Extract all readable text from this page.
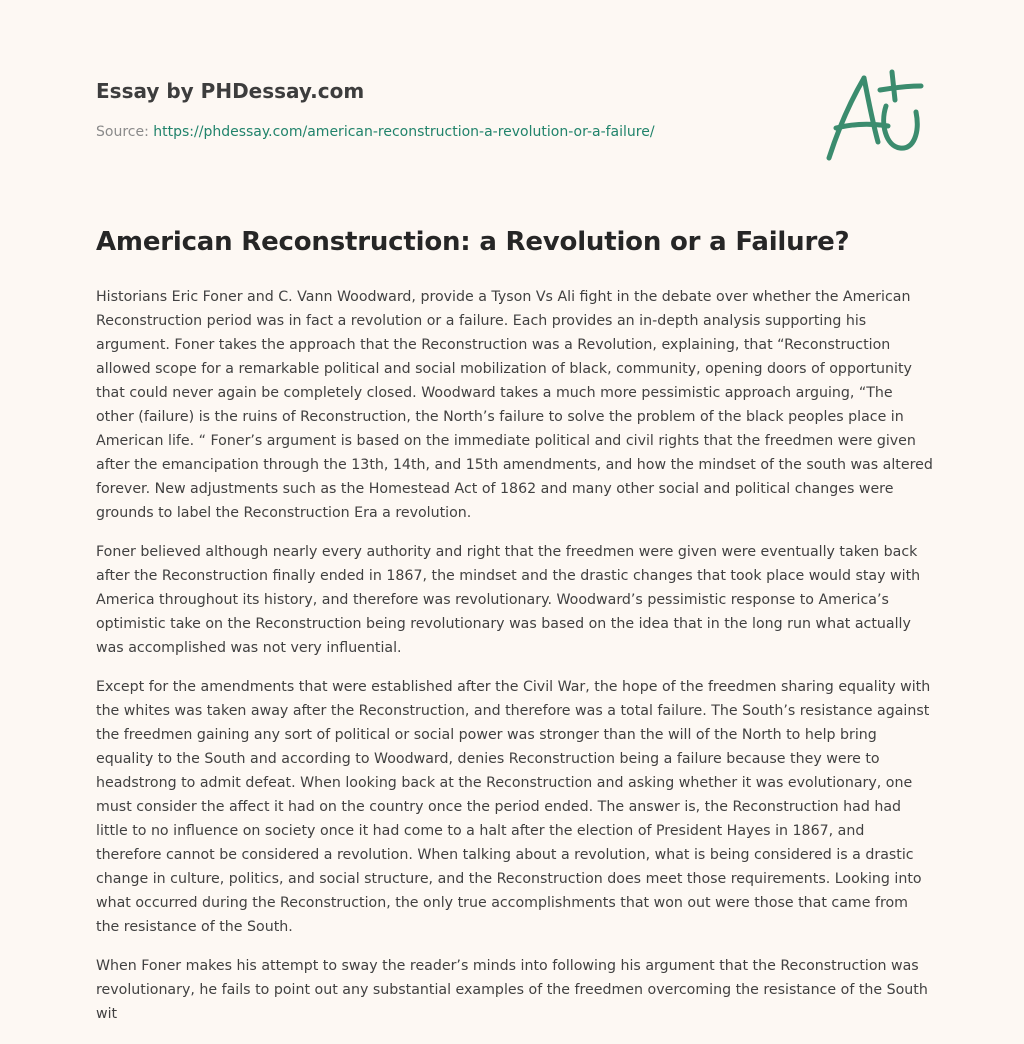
Essay by PHDessay.com

Source: https://phdessay.com/american-reconstruction-a-revolution-or-a-failure/

American Reconstruction: a Revolution or a Failure?

Historians Eric Foner and C. Vann Woodward, provide a Tyson Vs Ali fight in the debate over whether the American Reconstruction period was in fact a revolution or a failure. Each provides an in-depth analysis supporting his argument. Foner takes the approach that the Reconstruction was a Revolution, explaining, that “Reconstruction allowed scope for a remarkable political and social mobilization of black, community, opening doors of opportunity that could never again be completely closed. Woodward takes a much more pessimistic approach arguing, “The other (failure) is the ruins of Reconstruction, the North’s failure to solve the problem of the black peoples place in American life. “ Foner’s argument is based on the immediate political and civil rights that the freedmen were given after the emancipation through the 13th, 14th, and 15th amendments, and how the mindset of the south was altered forever. New adjustments such as the Homestead Act of 1862 and many other social and political changes were grounds to label the Reconstruction Era a revolution.

Foner believed although nearly every authority and right that the freedmen were given were eventually taken back after the Reconstruction finally ended in 1867, the mindset and the drastic changes that took place would stay with America throughout its history, and therefore was revolutionary. Woodward’s pessimistic response to America’s optimistic take on the Reconstruction being revolutionary was based on the idea that in the long run what actually was accomplished was not very influential.

Except for the amendments that were established after the Civil War, the hope of the freedmen sharing equality with the whites was taken away after the Reconstruction, and therefore was a total failure. The South’s resistance against the freedmen gaining any sort of political or social power was stronger than the will of the North to help bring equality to the South and according to Woodward, denies Reconstruction being a failure because they were to headstrong to admit defeat. When looking back at the Reconstruction and asking whether it was evolutionary, one must consider the affect it had on the country once the period ended. The answer is, the Reconstruction had had little to no influence on society once it had come to a halt after the election of President Hayes in 1867, and therefore cannot be considered a revolution. When talking about a revolution, what is being considered is a drastic change in culture, politics, and social structure, and the Reconstruction does meet those requirements. Looking into what occurred during the Reconstruction, the only true accomplishments that won out were those that came from the resistance of the South.

When Foner makes his attempt to sway the reader’s minds into following his argument that the Reconstruction was revolutionary, he fails to point out any substantial examples of the freedmen overcoming the resistance of the South wit
